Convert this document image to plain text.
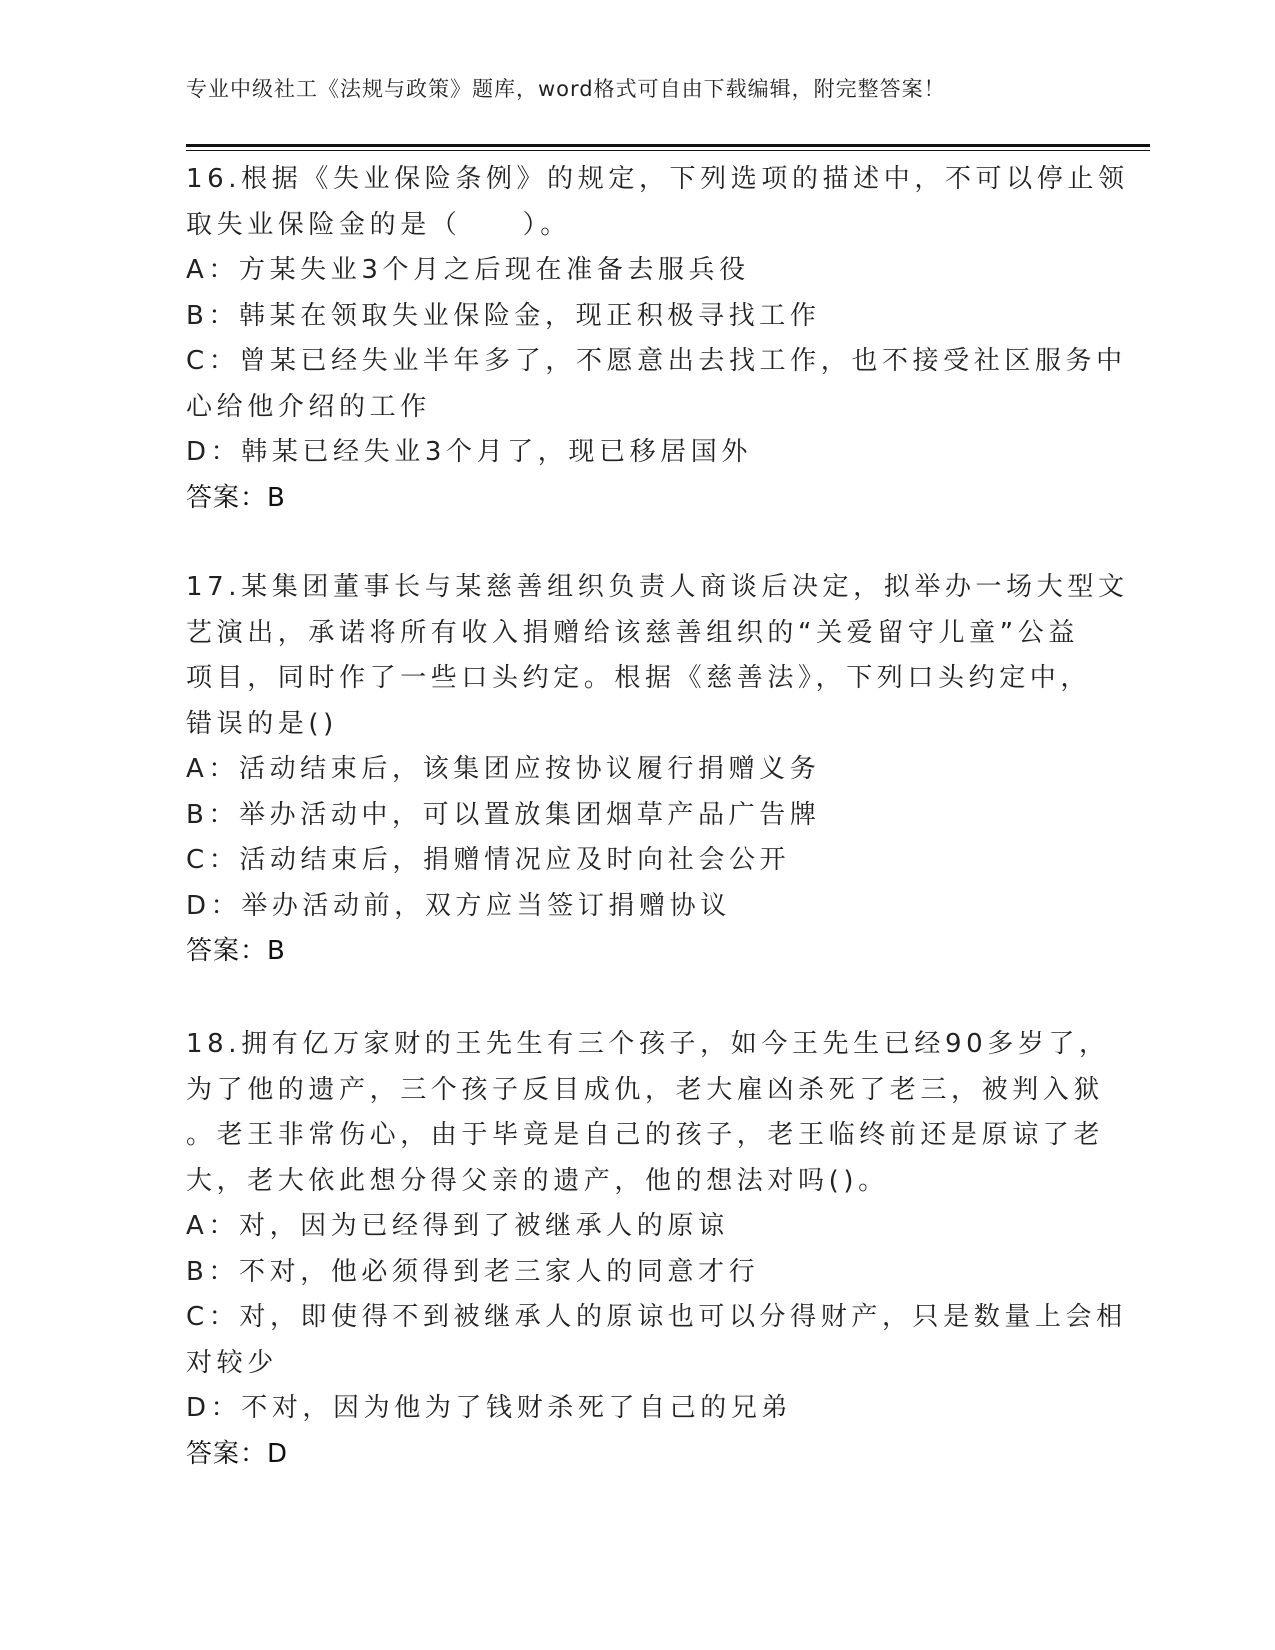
专业中级社工《法规与政策》题库，word格式可自由下载编辑，附完整答案！
16.根据《失业保险条例》的规定，下列选项的描述中，不可以停止领
取失业保险金的是（　　）。
A：方某失业3个月之后现在准备去服兵役
B：韩某在领取失业保险金，现正积极寻找工作
C：曾某已经失业半年多了，不愿意出去找工作，也不接受社区服务中
心给他介绍的工作
D：韩某已经失业3个月了，现已移居国外
答案：B
17.某集团董事长与某慈善组织负责人商谈后决定，拟举办一场大型文
艺演出，承诺将所有收入捐赠给该慈善组织的“关爱留守儿童”公益
项目，同时作了一些口头约定。根据《慈善法》，下列口头约定中，
错误的是()
A：活动结束后，该集团应按协议履行捐赠义务
B：举办活动中，可以置放集团烟草产品广告牌
C：活动结束后，捐赠情况应及时向社会公开
D：举办活动前，双方应当签订捐赠协议
答案：B
18.拥有亿万家财的王先生有三个孩子，如今王先生已经90多岁了，
为了他的遗产，三个孩子反目成仇，老大雇凶杀死了老三，被判入狱
。老王非常伤心，由于毕竟是自己的孩子，老王临终前还是原谅了老
大，老大依此想分得父亲的遗产，他的想法对吗()。
A：对，因为已经得到了被继承人的原谅
B：不对，他必须得到老三家人的同意才行
C：对，即使得不到被继承人的原谅也可以分得财产，只是数量上会相
对较少
D：不对，因为他为了钱财杀死了自己的兄弟
答案：D
